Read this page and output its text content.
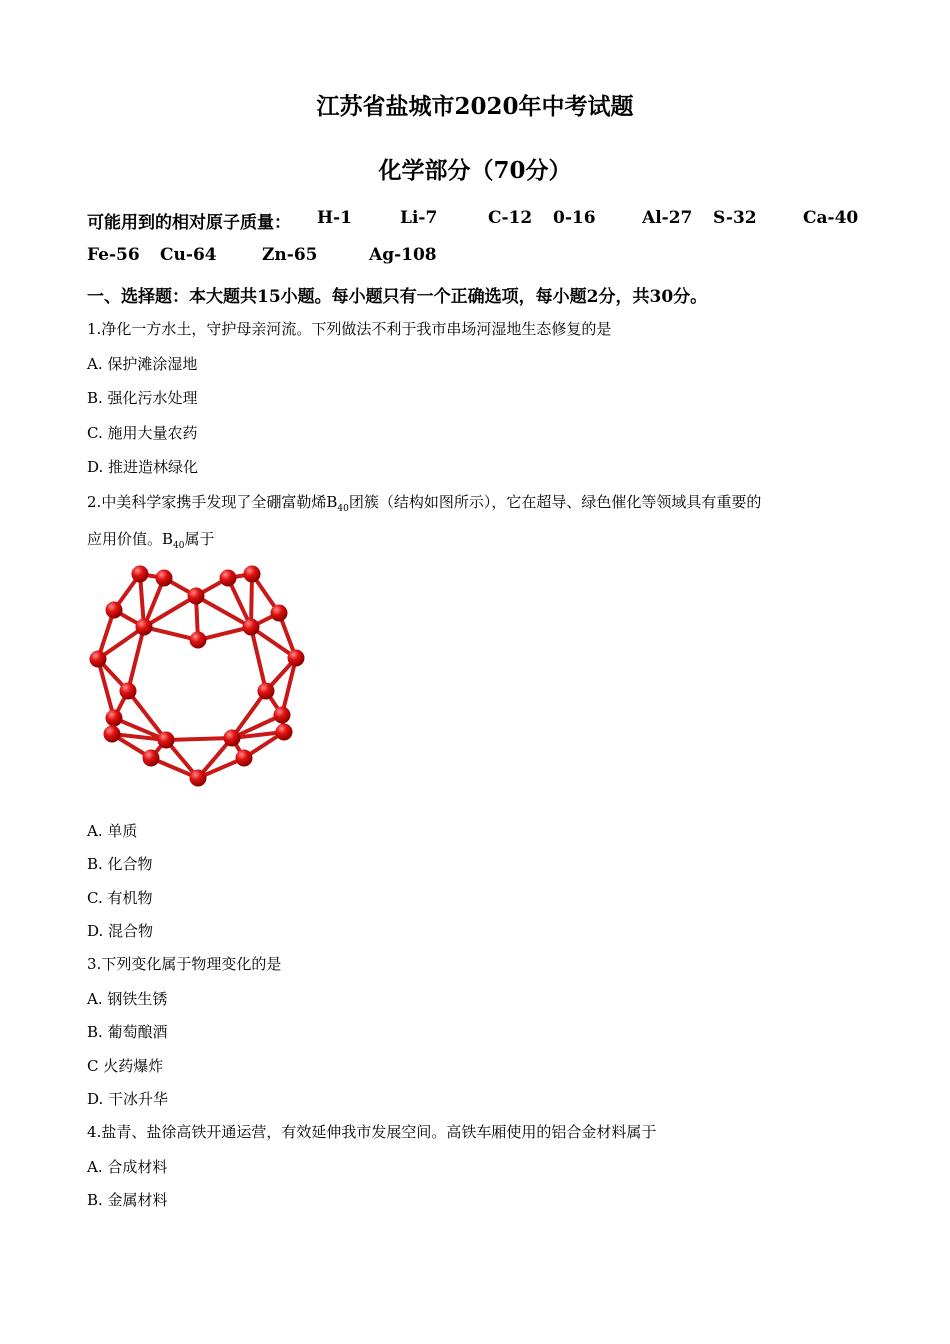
江苏省盐城市2020年中考试题
化学部分（70分）
可能用到的相对原子质量： H-1	Li-7	C-12 0-16	Al-27 S-32	Ca-40
Fe-56 Cu-64	Zn-65	Ag-108
一、选择题：本大题共15小题。每小题只有一个正确选项，每小题2分，共30分。
1.净化一方水土，守护母亲河流。下列做法不利于我市串场河湿地生态修复的是
A. 保护滩涂湿地
B. 强化污水处理
C. 施用大量农药
D. 推进造林绿化
2.中美科学家携手发现了全硼富勒烯$B_{40}$团簇（结构如图所示），它在超导、绿色催化等领域具有重要的
应用价值。$B_{40}$属于
A. 单质
B. 化合物
C. 有机物
D. 混合物
3.下列变化属于物理变化的是
A. 钢铁生锈
B. 葡萄酿酒
C 火药爆炸
D. 干冰升华
4.盐青、盐徐高铁开通运营，有效延伸我市发展空间。高铁车厢使用的铝合金材料属于
A. 合成材料
B. 金属材料
